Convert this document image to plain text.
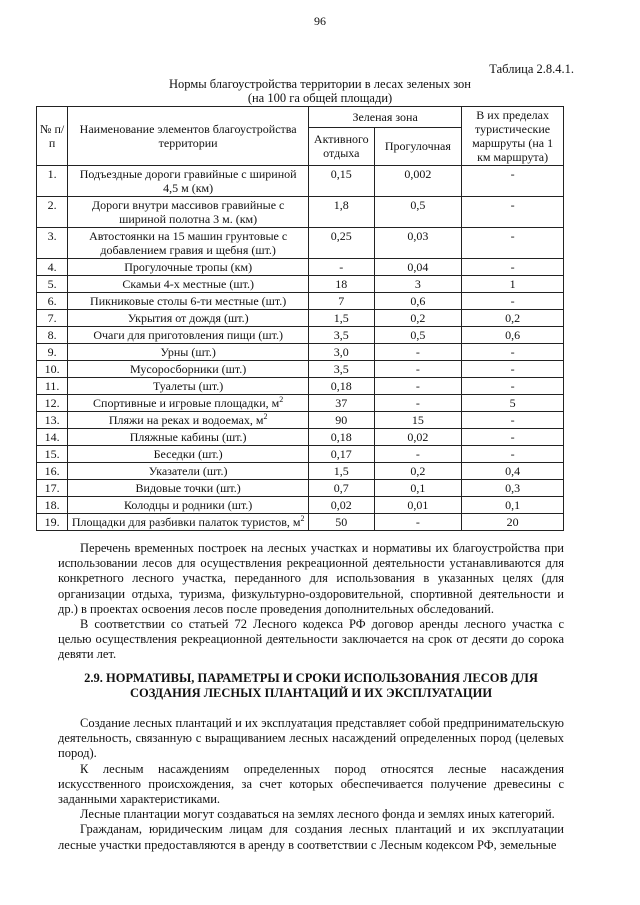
96
Таблица 2.8.4.1.
Нормы благоустройства территории в лесах зеленых зон
(на 100 га общей площади)
№ п/п	Наименование элементов благоустройства территории	Зеленая зона		В их пределах туристические маршруты (на 1 км маршрута)
		Активного отдыха	Прогулочная	
1.	Подъездные дороги гравийные с шириной 4,5 м (км)	0,15	0,002	-
2.	Дороги внутри массивов гравийные с шириной полотна 3 м. (км)	1,8	0,5	-
3.	Автостоянки на 15 машин грунтовые с добавлением гравия и щебня (шт.)	0,25	0,03	-
4.	Прогулочные тропы (км)	-	0,04	-
5.	Скамьи 4-х местные (шт.)	18	3	1
6.	Пикниковые столы 6-ти местные (шт.)	7	0,6	-
7.	Укрытия от дождя (шт.)	1,5	0,2	0,2
8.	Очаги для приготовления пищи (шт.)	3,5	0,5	0,6
9.	Урны (шт.)	3,0	-	-
10.	Мусоросборники (шт.)	3,5	-	-
11.	Туалеты (шт.)	0,18	-	-
12.	Спортивные и игровые площадки, $м^2$	37	-	5
13.	Пляжи на реках и водоемах, $м^2$	90	15	-
14.	Пляжные кабины (шт.)	0,18	0,02	-
15.	Беседки (шт.)	0,17	-	-
16.	Указатели (шт.)	1,5	0,2	0,4
17.	Видовые точки (шт.)	0,7	0,1	0,3
18.	Колодцы и родники (шт.)	0,02	0,01	0,1
19.	Площадки для разбивки палаток туристов, $м^2$	50	-	20

Перечень временных построек на лесных участках и нормативы их благоустройства при использовании лесов для осуществления рекреационной деятельности устанавливаются для конкретного лесного участка, переданного для использования в указанных целях (для организации отдыха, туризма, физкультурно-оздоровительной, спортивной деятельности и др.) в проектах освоения лесов после проведения дополнительных обследований.
В соответствии со статьей 72 Лесного кодекса РФ договор аренды лесного участка с целью осуществления рекреационной деятельности заключается на срок от десяти до сорока девяти лет.

2.9. НОРМАТИВЫ, ПАРАМЕТРЫ И СРОКИ ИСПОЛЬЗОВАНИЯ ЛЕСОВ ДЛЯ СОЗДАНИЯ ЛЕСНЫХ ПЛАНТАЦИЙ И ИХ ЭКСПЛУАТАЦИИ

Создание лесных плантаций и их эксплуатация представляет собой предпринимательскую деятельность, связанную с выращиванием лесных насаждений определенных пород (целевых пород).
К лесным насаждениям определенных пород относятся лесные насаждения искусственного происхождения, за счет которых обеспечивается получение древесины с заданными характеристиками.
Лесные плантации могут создаваться на землях лесного фонда и землях иных категорий.
Гражданам, юридическим лицам для создания лесных плантаций и их эксплуатации лесные участки предоставляются в аренду в соответствии с Лесным кодексом РФ, земельные
